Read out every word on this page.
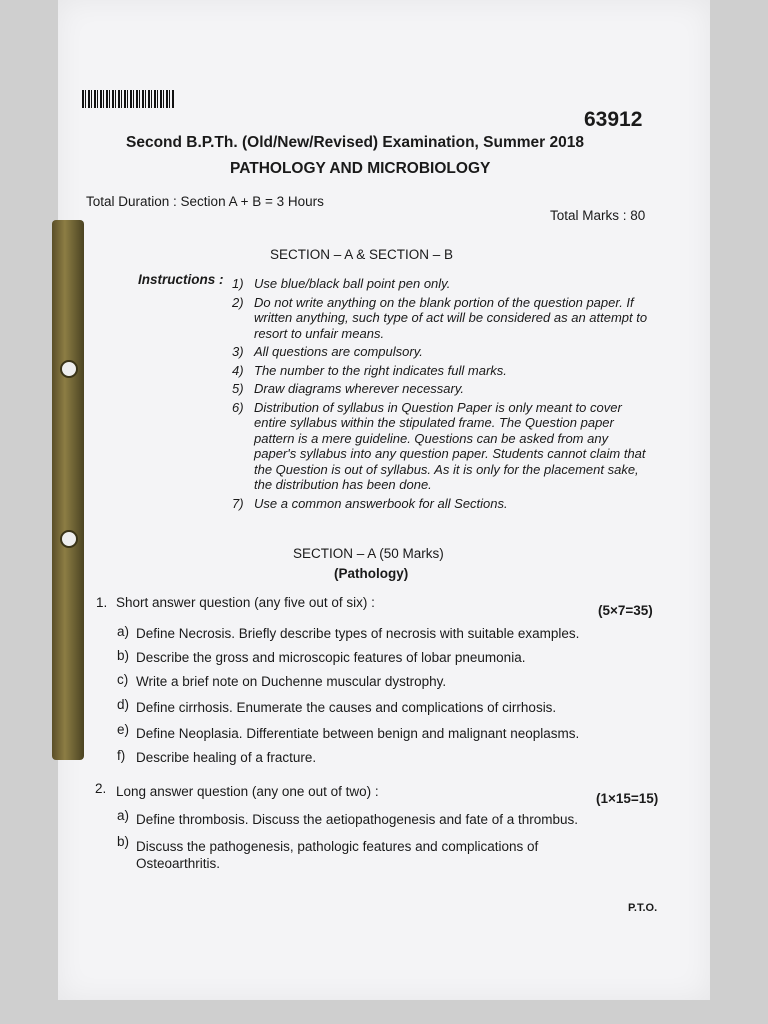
63912
Second B.P.Th. (Old/New/Revised) Examination, Summer 2018
PATHOLOGY AND MICROBIOLOGY
Total Duration : Section A + B = 3 Hours
Total Marks : 80
SECTION – A & SECTION – B
Instructions : 1) Use blue/black ball point pen only.
2) Do not write anything on the blank portion of the question paper. If written anything, such type of act will be considered as an attempt to resort to unfair means.
3) All questions are compulsory.
4) The number to the right indicates full marks.
5) Draw diagrams wherever necessary.
6) Distribution of syllabus in Question Paper is only meant to cover entire syllabus within the stipulated frame. The Question paper pattern is a mere guideline. Questions can be asked from any paper's syllabus into any question paper. Students cannot claim that the Question is out of syllabus. As it is only for the placement sake, the distribution has been done.
7) Use a common answerbook for all Sections.
SECTION – A (50 Marks)
(Pathology)
1. Short answer question (any five out of six) :
(5×7=35)
a) Define Necrosis. Briefly describe types of necrosis with suitable examples.
b) Describe the gross and microscopic features of lobar pneumonia.
c) Write a brief note on Duchenne muscular dystrophy.
d) Define cirrhosis. Enumerate the causes and complications of cirrhosis.
e) Define Neoplasia. Differentiate between benign and malignant neoplasms.
f) Describe healing of a fracture.
2. Long answer question (any one out of two) :	(1×15=15)
a) Define thrombosis. Discuss the aetiopathogenesis and fate of a thrombus.
b) Discuss the pathogenesis, pathologic features and complications of Osteoarthritis.
P.T.O.
